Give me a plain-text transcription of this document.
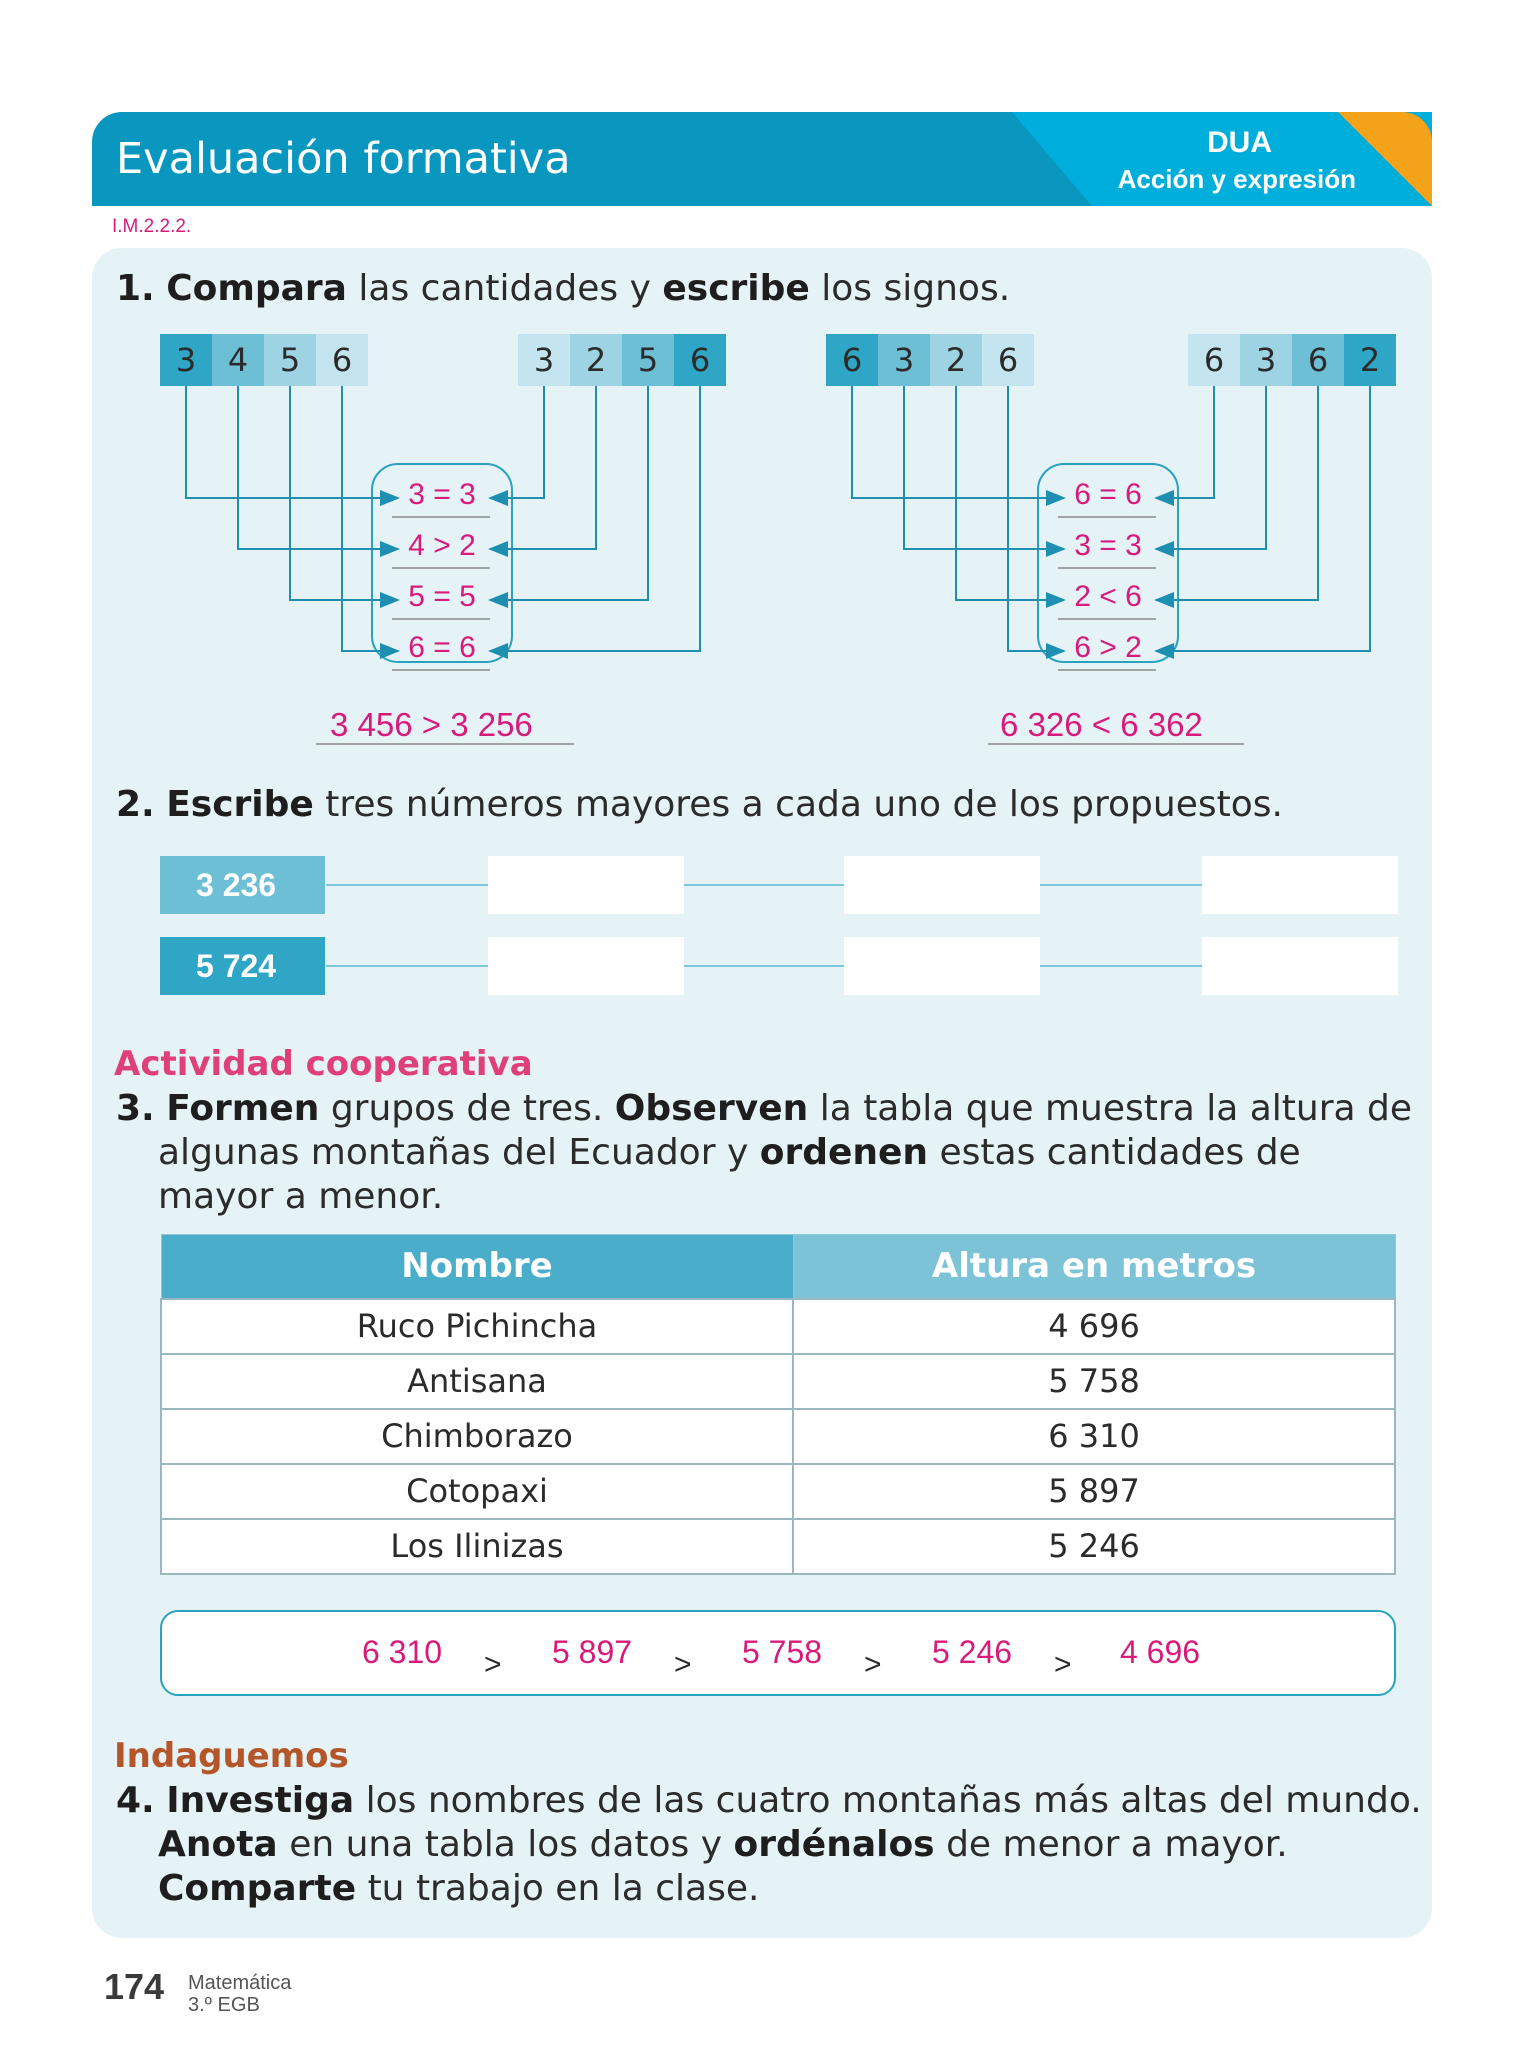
Evaluación formativa	DUA
Acción y expresión
I.M.2.2.2.
1. Compara las cantidades y escribe los signos.
3 4 5 6	3 2 5 6	6 3 2 6	6 3 6 2
3 = 3
4 > 2
5 = 5
6 = 6
6 = 6
3 = 3
2 < 6
6 > 2
3 456 > 3 256	6 326 < 6 362
2. Escribe tres números mayores a cada uno de los propuestos.
3 236
5 724
Actividad cooperativa
3. Formen grupos de tres. Observen la tabla que muestra la altura de
algunas montañas del Ecuador y ordenen estas cantidades de
mayor a menor.
Nombre	Altura en metros
Ruco Pichincha	4 696
Antisana	5 758
Chimborazo	6 310
Cotopaxi	5 897
Los Ilinizas	5 246
6 310	>	5 897	>	5 758	>	5 246	>	4 696
Indaguemos
4. Investiga los nombres de las cuatro montañas más altas del mundo.
Anota en una tabla los datos y ordénalos de menor a mayor.
Comparte tu trabajo en la clase.
174 Matemática
3.º EGB
